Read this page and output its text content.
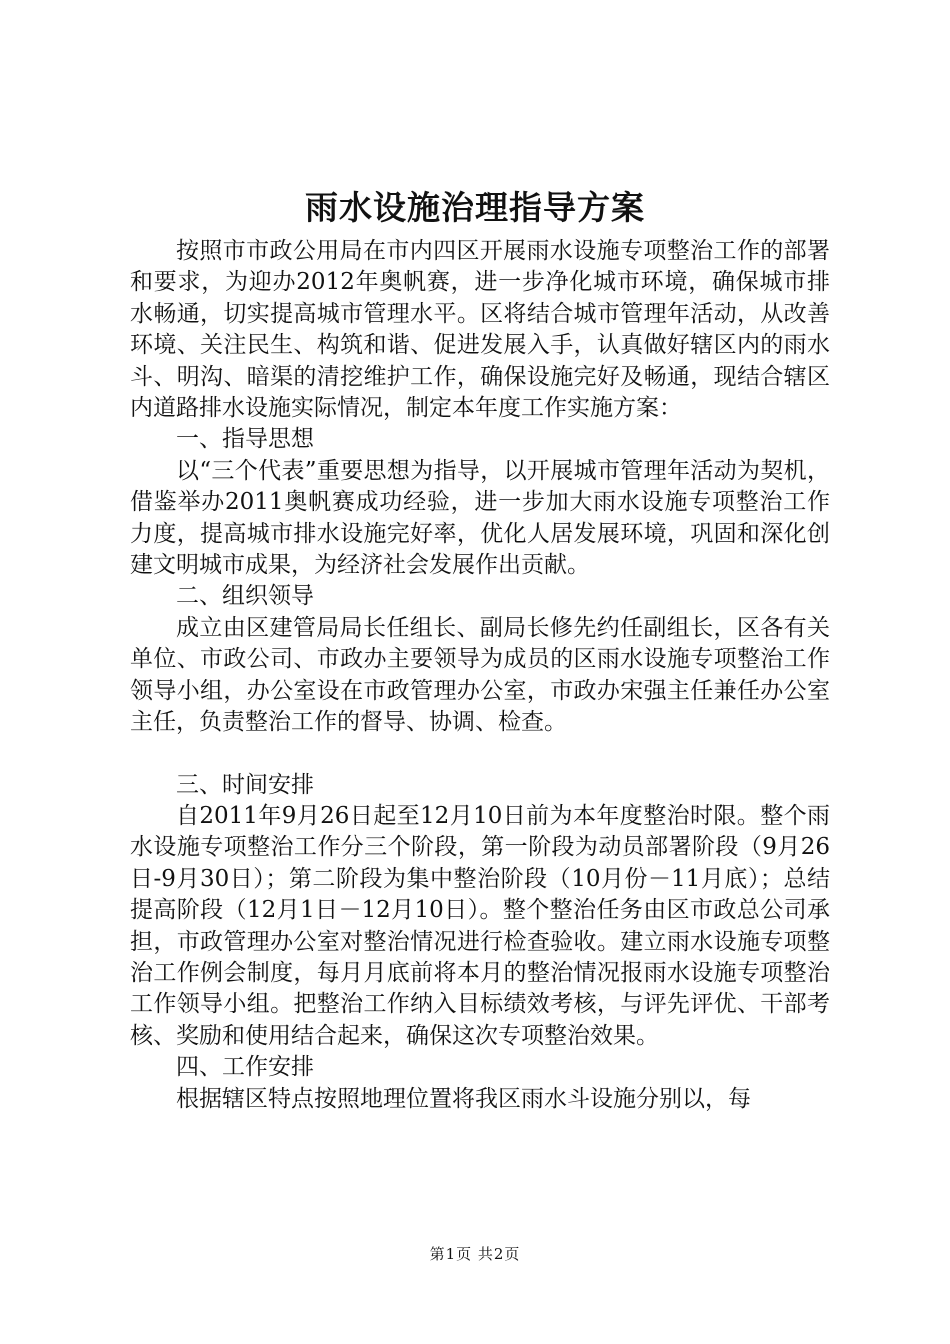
雨水设施治理指导方案

按照市市政公用局在市内四区开展雨水设施专项整治工作的部署和要求，为迎办2012年奥帆赛，进一步净化城市环境，确保城市排水畅通，切实提高城市管理水平。区将结合城市管理年活动，从改善环境、关注民生、构筑和谐、促进发展入手，认真做好辖区内的雨水斗、明沟、暗渠的清挖维护工作，确保设施完好及畅通，现结合辖区内道路排水设施实际情况，制定本年度工作实施方案：

一、指导思想

以“三个代表”重要思想为指导，以开展城市管理年活动为契机，借鉴举办2011奥帆赛成功经验，进一步加大雨水设施专项整治工作力度，提高城市排水设施完好率，优化人居发展环境，巩固和深化创建文明城市成果，为经济社会发展作出贡献。

二、组织领导

成立由区建管局局长任组长、副局长修先约任副组长，区各有关单位、市政公司、市政办主要领导为成员的区雨水设施专项整治工作领导小组，办公室设在市政管理办公室，市政办宋强主任兼任办公室主任，负责整治工作的督导、协调、检查。

三、时间安排

自2011年9月26日起至12月10日前为本年度整治时限。整个雨水设施专项整治工作分三个阶段，第一阶段为动员部署阶段（9月26日-9月30日）；第二阶段为集中整治阶段（10月份－11月底）；总结提高阶段（12月1日－12月10日）。整个整治任务由区市政总公司承担，市政管理办公室对整治情况进行检查验收。建立雨水设施专项整治工作例会制度，每月月底前将本月的整治情况报雨水设施专项整治工作领导小组。把整治工作纳入目标绩效考核，与评先评优、干部考核、奖励和使用结合起来，确保这次专项整治效果。

四、工作安排

根据辖区特点按照地理位置将我区雨水斗设施分别以，每

第1页 共2页
